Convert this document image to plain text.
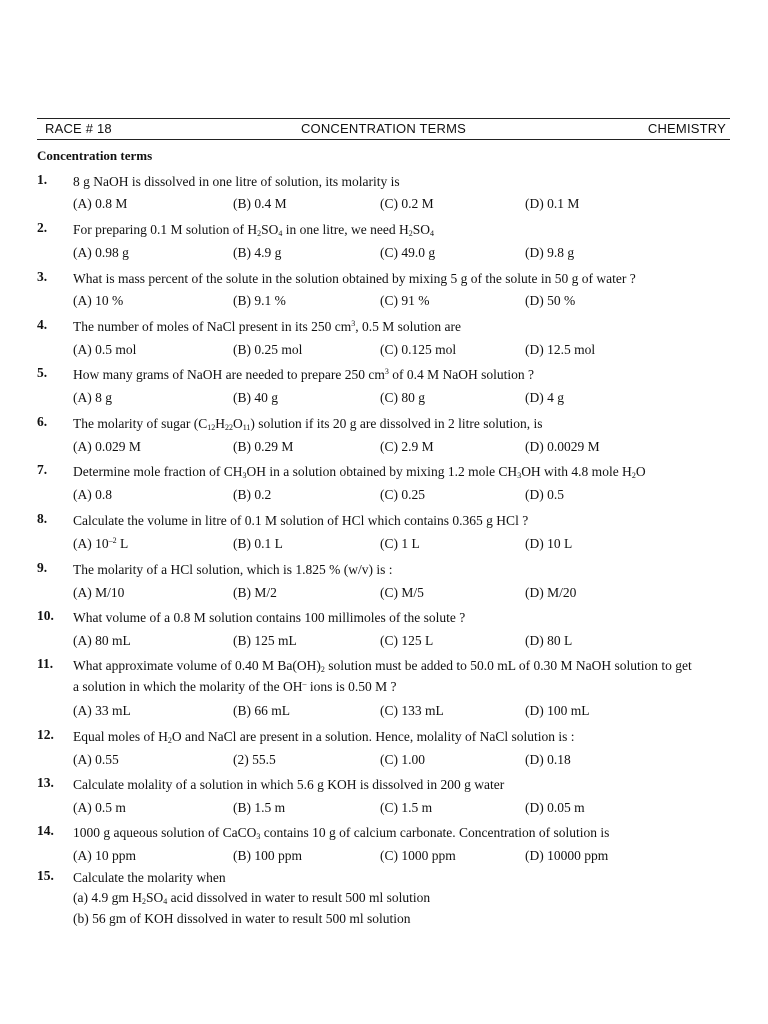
RACE # 18	CONCENTRATION TERMS	CHEMISTRY
Concentration terms
1. 8 g NaOH is dissolved in one litre of solution, its molarity is
(A) 0.8 M	(B) 0.4 M	(C) 0.2 M	(D) 0.1 M
2. For preparing 0.1 M solution of $H_2SO_4$ in one litre, we need $H_2SO_4$
(A) 0.98 g	(B) 4.9 g	(C) 49.0 g	(D) 9.8 g
3. What is mass percent of the solute in the solution obtained by mixing 5 g of the solute in 50 g of water ?
(A) 10 %	(B) 9.1 %	(C) 91 %	(D) 50 %
4. The number of moles of NaCl present in its 250 $cm^3$, 0.5 M solution are
(A) 0.5 mol	(B) 0.25 mol	(C) 0.125 mol	(D) 12.5 mol
5. How many grams of NaOH are needed to prepare 250 $cm^3$ of 0.4 M NaOH solution ?
(A) 8 g	(B) 40 g	(C) 80 g	(D) 4 g
6. The molarity of sugar $(C_{12}H_{22}O_{11})$ solution if its 20 g are dissolved in 2 litre solution, is
(A) 0.029 M	(B) 0.29 M	(C) 2.9 M	(D) 0.0029 M
7. Determine mole fraction of $CH_3OH$ in a solution obtained by mixing 1.2 mole $CH_3OH$ with 4.8 mole $H_2O$
(A) 0.8	(B) 0.2	(C) 0.25	(D) 0.5
8. Calculate the volume in litre of 0.1 M solution of HCl which contains 0.365 g HCl ?
(A) $10^{-2}$ L	(B) 0.1 L	(C) 1 L	(D) 10 L
9. The molarity of a HCl solution, which is 1.825 % (w/v) is :
(A) M/10	(B) M/2	(C) M/5	(D) M/20
10. What volume of a 0.8 M solution contains 100 millimoles of the solute ?
(A) 80 mL	(B) 125 mL	(C) 125 L	(D) 80 L
11. What approximate volume of 0.40 M $Ba(OH)_2$ solution must be added to 50.0 mL of 0.30 M NaOH solution to get
a solution in which the molarity of the OH– ions is 0.50 M ?
(A) 33 mL	(B) 66 mL	(C) 133 mL	(D) 100 mL
12. Equal moles of $H_2O$ and NaCl are present in a solution. Hence, molality of NaCl solution is :
(A) 0.55	(2) 55.5	(C) 1.00	(D) 0.18
13. Calculate molality of a solution in which 5.6 g KOH is dissolved in 200 g water
(A) 0.5 m	(B) 1.5 m	(C) 1.5 m	(D) 0.05 m
14. 1000 g aqueous solution of CaCO$_3$ contains 10 g of calcium carbonate. Concentration of solution is
(A) 10 ppm	(B) 100 ppm	(C) 1000 ppm	(D) 10000 ppm
15. Calculate the molarity when
(a) 4.9 gm $H_2SO_4$ acid dissolved in water to result 500 ml solution
(b) 56 gm of KOH dissolved in water to result 500 ml solution
